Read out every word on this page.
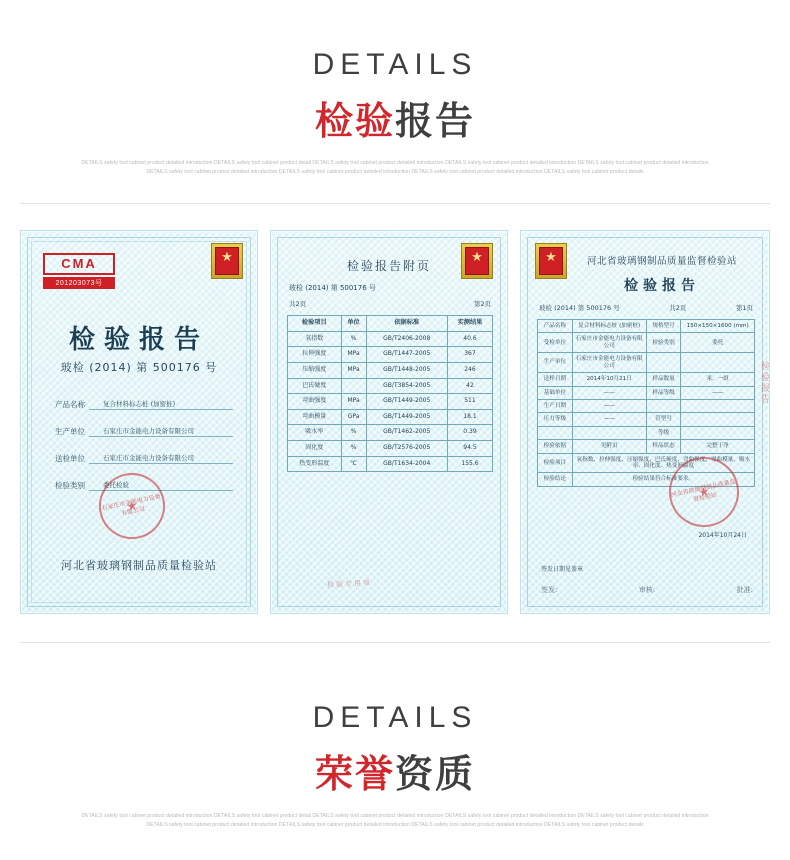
DETAILS
检验报告
DETAILS safety tool cabinet product detailed introduction DETAILS safety tool cabinet product detail DETAILS safety tool cabinet product detailed introduction DETAILS safety tool cabinet product detailed introduction DETAILS safety tool cabinet product detailed introduction DETAILS safety tool cabinet product detailed introduction DETAILS safety tool cabinet product detailed introduction DETAILS safety tool cabinet product detailed introduction DETAILS safety tool cabinet product details
★
CMA
201203073号
检验报告
玻检 (2014) 第 500176 号
产品名称	复合材料标志桩 (加密桩)
生产单位	石家庄市金能电力设备有限公司
送检单位	石家庄市金能电力设备有限公司
检验类别	委托检验
石家庄市金能电力设备有限公司 ★
河北省玻璃钢制品质量检验站
★
检验报告附页
玻检 (2014) 第 500176 号
共2页	第2页
检验项目	单位	依据标准	实测结果
氧指数	%	GB/T2406-2008	40.6
拉伸强度	MPa	GB/T1447-2005	367
压缩强度	MPa	GB/T1448-2005	246
巴氏硬度		GB/T3854-2005	42
弯曲强度	MPa	GB/T1449-2005	511
弯曲模量	GPa	GB/T1449-2005	18.1
吸水率	%	GB/T1462-2005	0.39
固化度	%	GB/T2576-2005	94.5
热变形温度	℃	GB/T1634-2004	155.6
检验专用章
★
河北省玻璃钢制品质量监督检验站
检验报告
玻检 (2014) 第 500176 号	共2页	第1页
产品名称	复合材料标志桩 (加密桩)	规格型号	150×150×1600 (mm)
受检单位	石家庄市金能电力设备有限公司	检验类别	委托
生产单位	石家庄市金能电力设备有限公司		
送样日期	2014年10月21日	样品数量	米、一组
基础单位	——	样品等级	——
生产日期	——		
压力等级	——	管型号	
		等级	
检验依据	见附页	样品状态	完整干净
检验项目	氧指数、拉伸强度、压缩强度、巴氏硬度、弯曲强度、弯曲模量、吸水率、固化度、热变形温度		
检验结论	检验结果符合标准要求。		
河北省玻璃钢制品质量监督检验站 ★
2014年10月24日
签发日期见盖章
签发:	审核:	批准:
检验报告
DETAILS
荣誉资质
DETAILS safety tool cabinet product detailed introduction DETAILS safety tool cabinet product detail DETAILS safety tool cabinet product detailed introduction DETAILS safety tool cabinet product detailed introduction DETAILS safety tool cabinet product detailed introduction DETAILS safety tool cabinet product detailed introduction DETAILS safety tool cabinet product detailed introduction DETAILS safety tool cabinet product detailed introduction DETAILS safety tool cabinet product details
